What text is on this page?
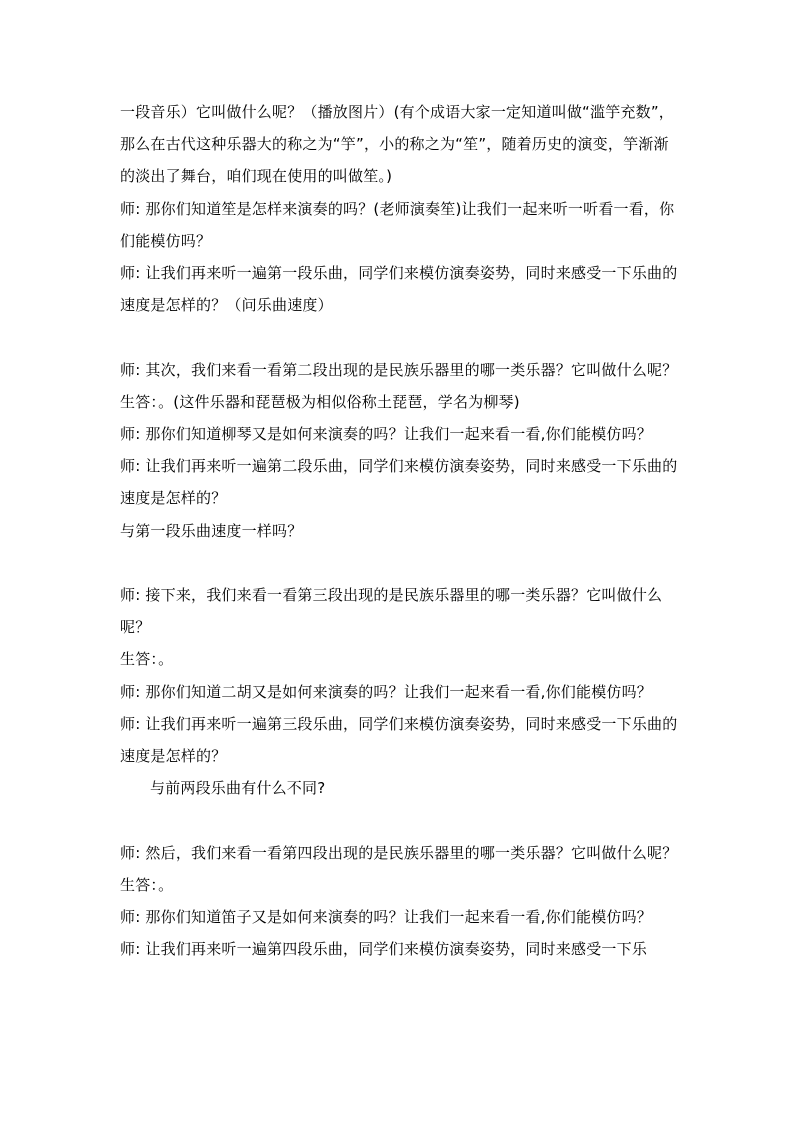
一段音乐）它叫做什么呢？（播放图片）(有个成语大家一定知道叫做“滥竽充数”，那么在古代这种乐器大的称之为“竽”，小的称之为“笙”，随着历史的演变，竽渐渐的淡出了舞台，咱们现在使用的叫做笙。)

师: 那你们知道笙是怎样来演奏的吗？(老师演奏笙)让我们一起来听一听看一看，你们能模仿吗？

师: 让我们再来听一遍第一段乐曲，同学们来模仿演奏姿势，同时来感受一下乐曲的速度是怎样的？（问乐曲速度）

师: 其次，我们来看一看第二段出现的是民族乐器里的哪一类乐器？它叫做什么呢？

生答：。(这件乐器和琵琶极为相似俗称土琵琶，学名为柳琴)

师: 那你们知道柳琴又是如何来演奏的吗？让我们一起来看一看,你们能模仿吗？

师: 让我们再来听一遍第二段乐曲，同学们来模仿演奏姿势，同时来感受一下乐曲的速度是怎样的？

与第一段乐曲速度一样吗？

师: 接下来，我们来看一看第三段出现的是民族乐器里的哪一类乐器？它叫做什么呢？

生答：。

师: 那你们知道二胡又是如何来演奏的吗？让我们一起来看一看,你们能模仿吗？

师: 让我们再来听一遍第三段乐曲，同学们来模仿演奏姿势，同时来感受一下乐曲的速度是怎样的？

与前两段乐曲有什么不同?

师: 然后，我们来看一看第四段出现的是民族乐器里的哪一类乐器？它叫做什么呢？

生答：。

师: 那你们知道笛子又是如何来演奏的吗？让我们一起来看一看,你们能模仿吗？

师: 让我们再来听一遍第四段乐曲，同学们来模仿演奏姿势，同时来感受一下乐
